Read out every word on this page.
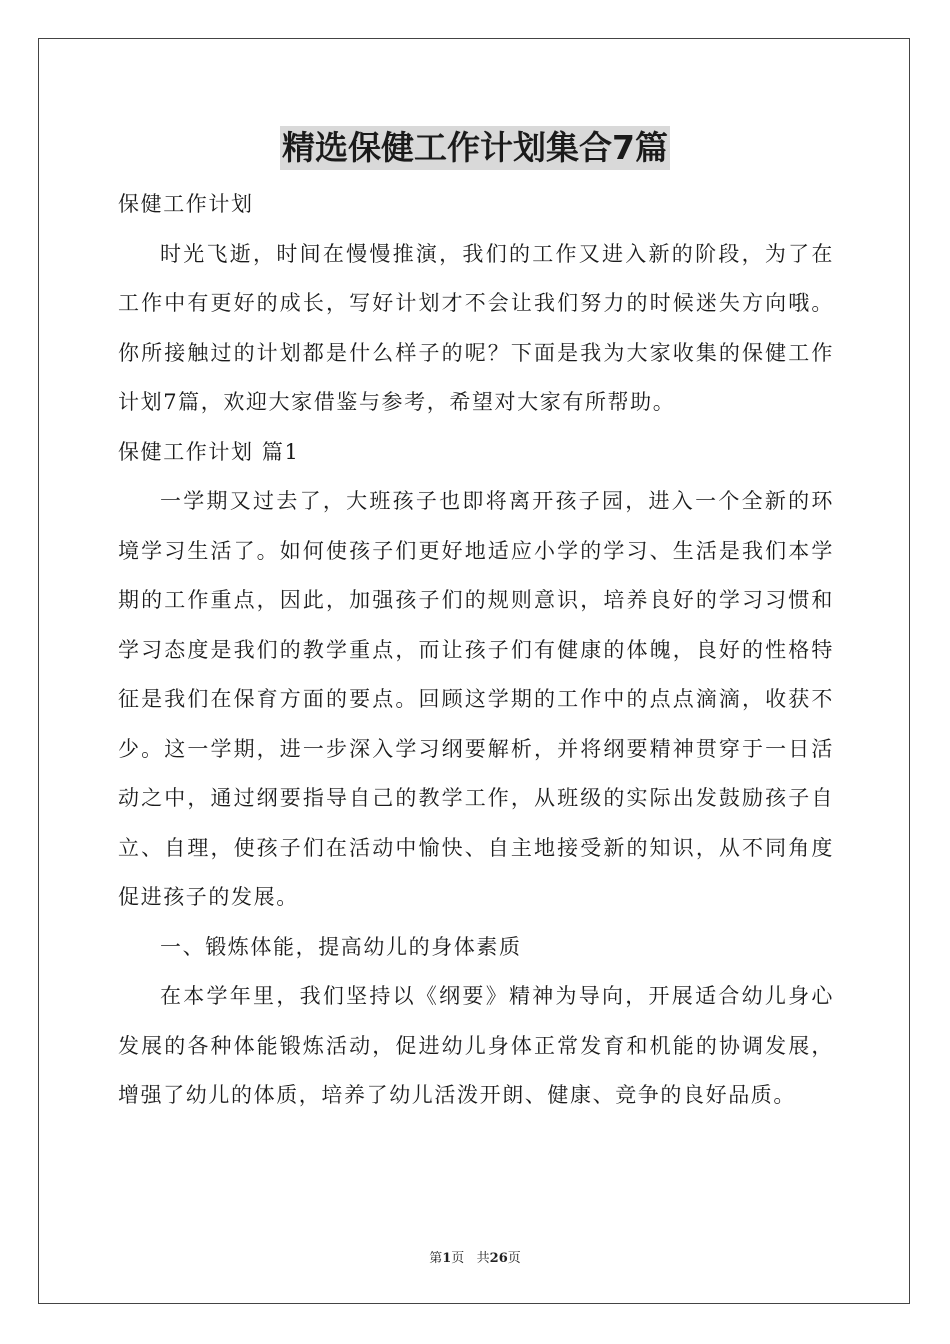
精选保健工作计划集合7篇

保健工作计划

时光飞逝，时间在慢慢推演，我们的工作又进入新的阶段，为了在工作中有更好的成长，写好计划才不会让我们努力的时候迷失方向哦。你所接触过的计划都是什么样子的呢？下面是我为大家收集的保健工作计划7篇，欢迎大家借鉴与参考，希望对大家有所帮助。

保健工作计划 篇1

一学期又过去了，大班孩子也即将离开孩子园，进入一个全新的环境学习生活了。如何使孩子们更好地适应小学的学习、生活是我们本学期的工作重点，因此，加强孩子们的规则意识，培养良好的学习习惯和学习态度是我们的教学重点，而让孩子们有健康的体魄，良好的性格特征是我们在保育方面的要点。回顾这学期的工作中的点点滴滴，收获不少。这一学期，进一步深入学习纲要解析，并将纲要精神贯穿于一日活动之中，通过纲要指导自己的教学工作，从班级的实际出发鼓励孩子自立、自理，使孩子们在活动中愉快、自主地接受新的知识，从不同角度促进孩子的发展。

一、锻炼体能，提高幼儿的身体素质

在本学年里，我们坚持以《纲要》精神为导向，开展适合幼儿身心发展的各种体能锻炼活动，促进幼儿身体正常发育和机能的协调发展，增强了幼儿的体质，培养了幼儿活泼开朗、健康、竞争的良好品质。

第1页   共26页
